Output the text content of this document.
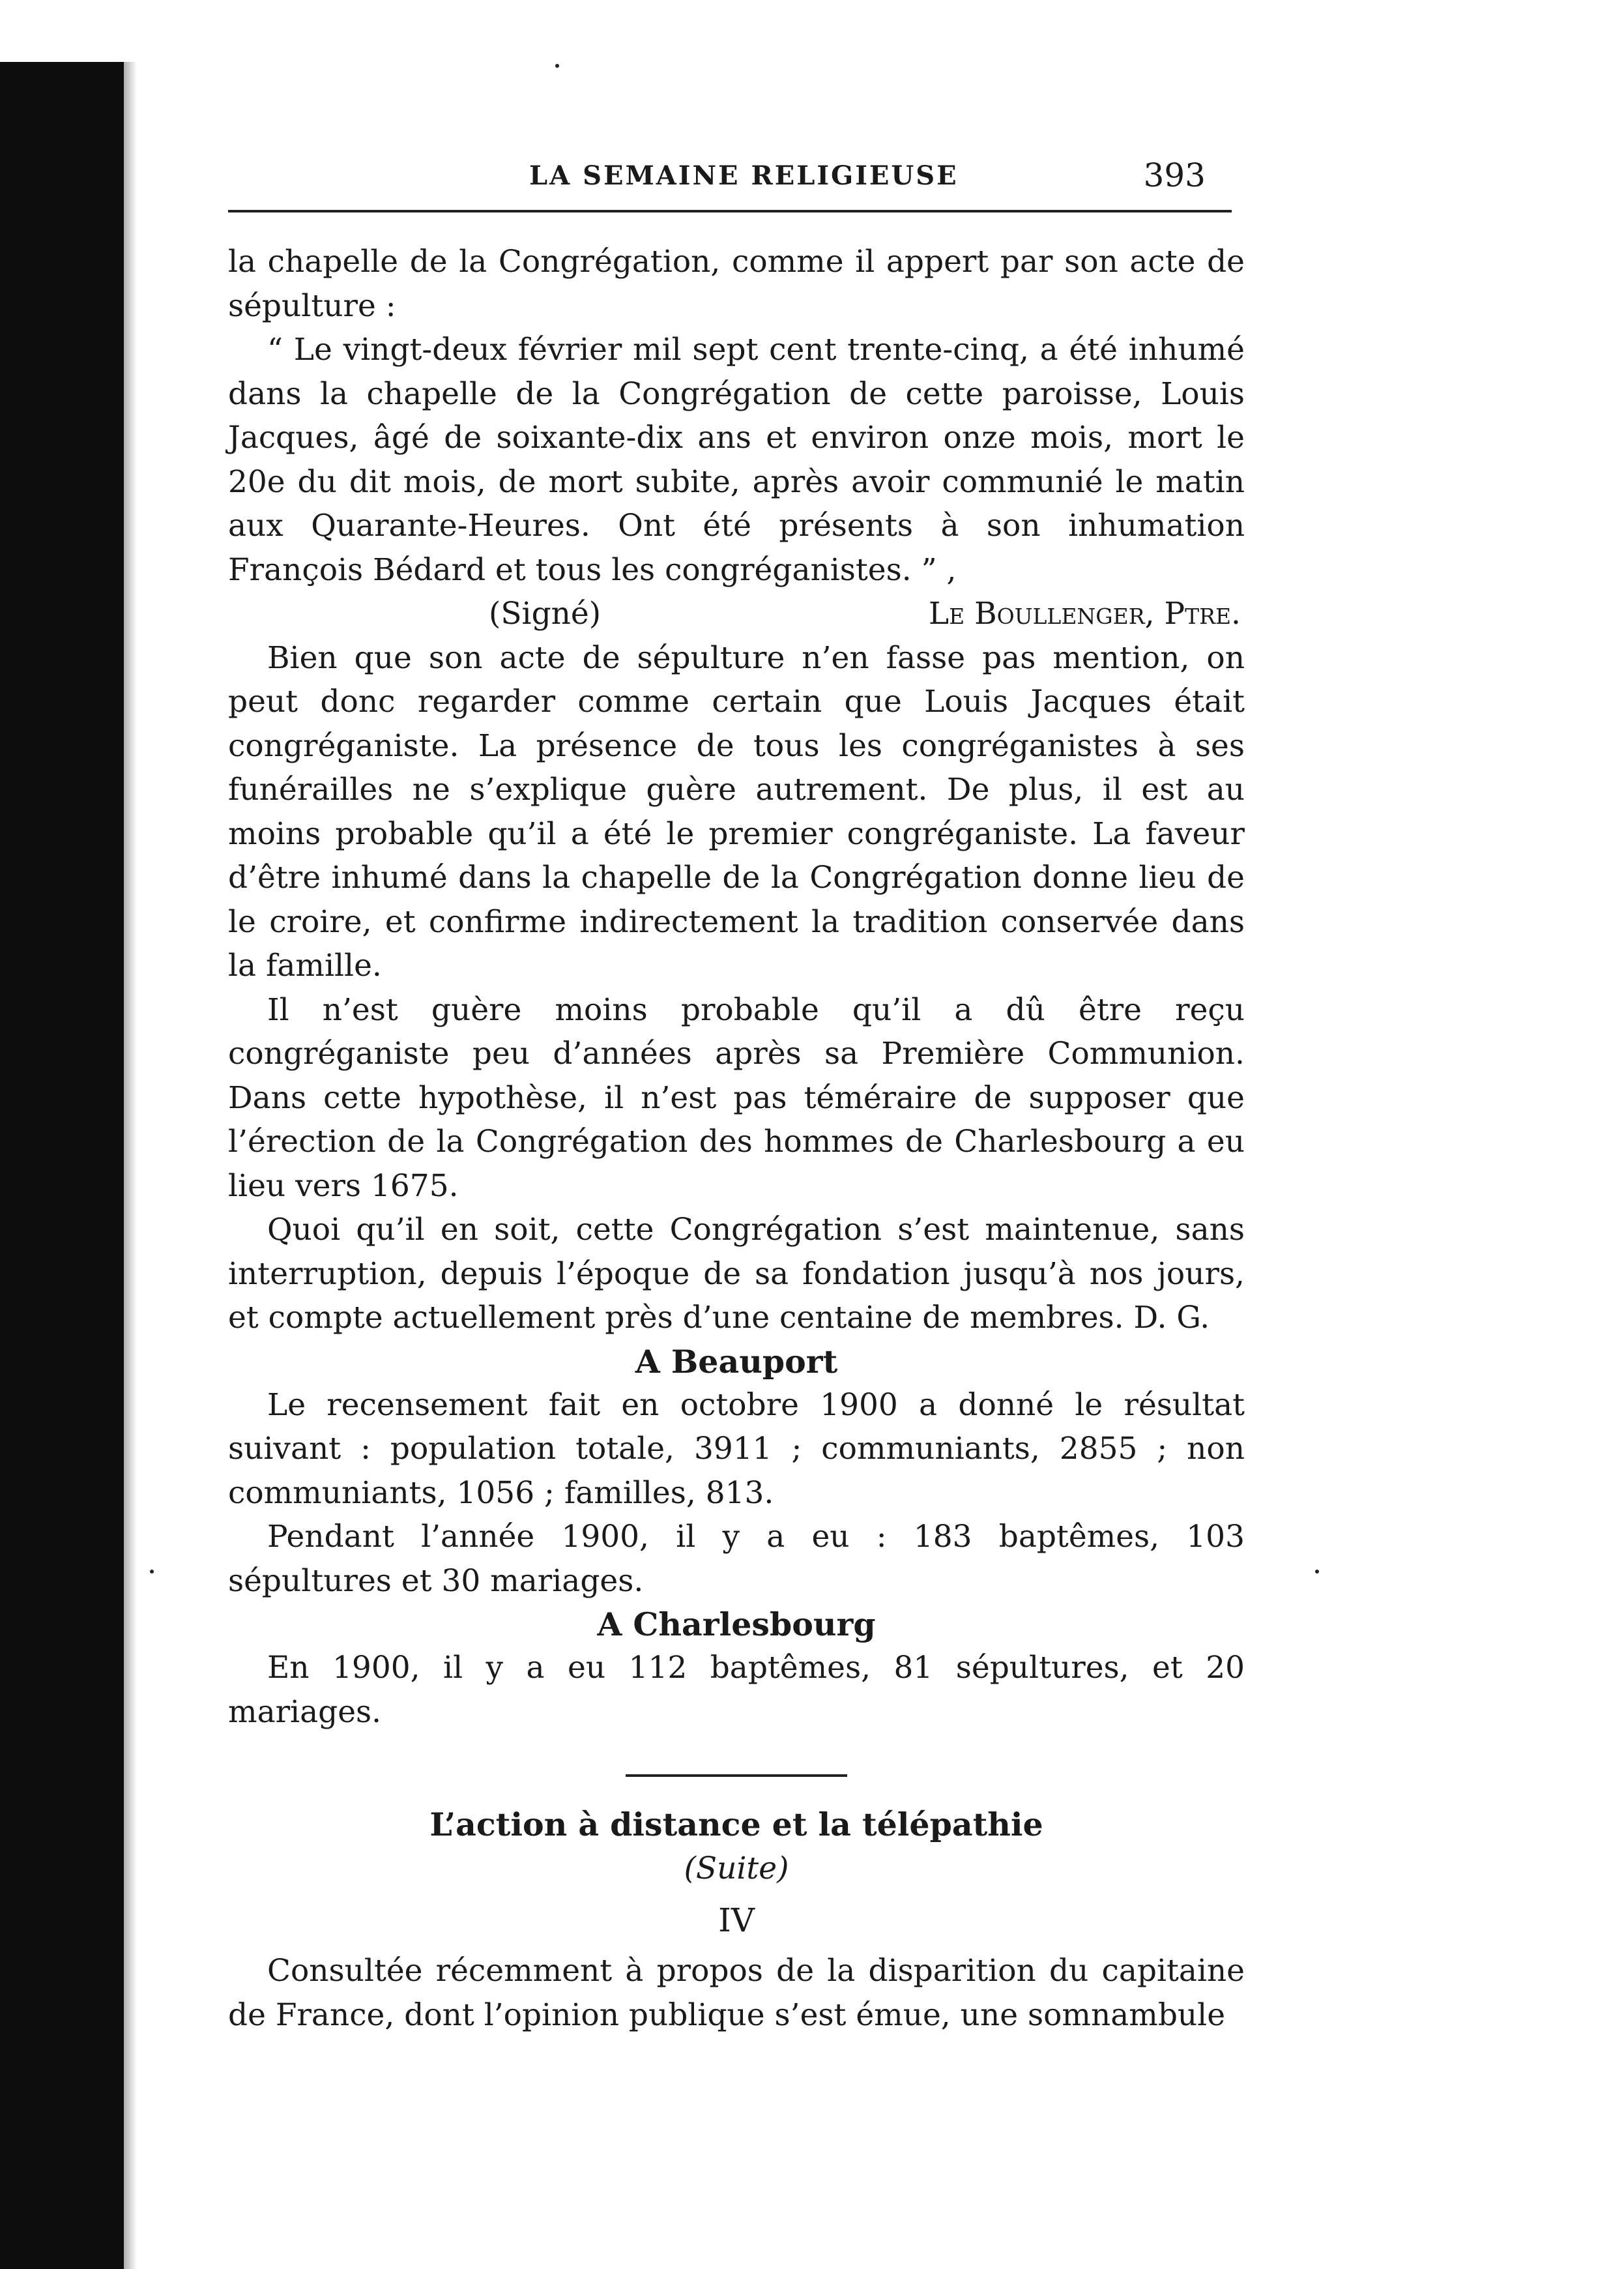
LA SEMAINE RELIGIEUSE	393

la chapelle de la Congrégation, comme il appert par son acte de sépulture :

“ Le vingt-deux février mil sept cent trente-cinq, a été inhumé dans la chapelle de la Congrégation de cette paroisse, Louis Jacques, âgé de soixante-dix ans et environ onze mois, mort le 20e du dit mois, de mort subite, après avoir communié le matin aux Quarante-Heures. Ont été présents à son inhumation François Bédard et tous les congréganistes. ” ,

(Signé)	Le Boullenger, Ptre.

Bien que son acte de sépulture n’en fasse pas mention, on peut donc regarder comme certain que Louis Jacques était congréganiste. La présence de tous les congréganistes à ses funérailles ne s’explique guère autrement. De plus, il est au moins probable qu’il a été le premier congréganiste. La faveur d’être inhumé dans la chapelle de la Congrégation donne lieu de le croire, et confirme indirectement la tradition conservée dans la famille.

Il n’est guère moins probable qu’il a dû être reçu congréganiste peu d’années après sa Première Communion. Dans cette hypothèse, il n’est pas téméraire de supposer que l’érection de la Congrégation des hommes de Charlesbourg a eu lieu vers 1675.

Quoi qu’il en soit, cette Congrégation s’est maintenue, sans interruption, depuis l’époque de sa fondation jusqu’à nos jours, et compte actuellement près d’une centaine de membres. D. G.

A Beauport

Le recensement fait en octobre 1900 a donné le résultat suivant : population totale, 3911 ; communiants, 2855 ; non communiants, 1056 ; familles, 813.

Pendant l’année 1900, il y a eu : 183 baptêmes, 103 sépultures et 30 mariages.

A Charlesbourg

En 1900, il y a eu 112 baptêmes, 81 sépultures, et 20 mariages.

L’action à distance et la télépathie
(Suite)
IV

Consultée récemment à propos de la disparition du capitaine de France, dont l’opinion publique s’est émue, une somnambule
